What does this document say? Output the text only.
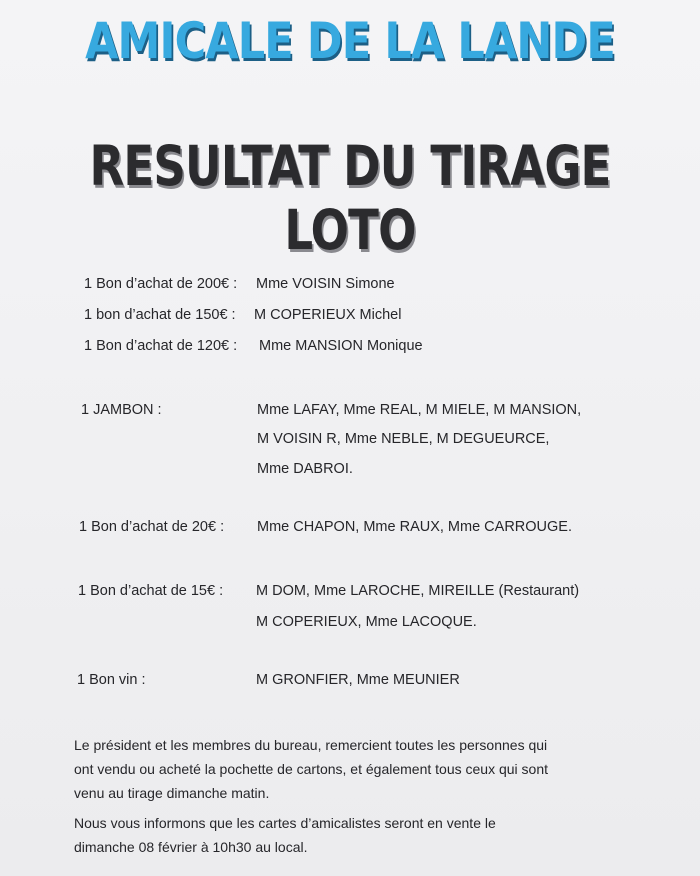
AMICALE DE LA LANDE
RESULTAT DU TIRAGE LOTO
1 Bon d’achat de 200€ : Mme VOISIN Simone
1 bon d’achat de 150€ : M COPERIEUX Michel
1 Bon d’achat de 120€ : Mme MANSION Monique
1 JAMBON :	Mme LAFAY, Mme REAL, M MIELE, M MANSION,
M VOISIN R, Mme NEBLE, M DEGUEURCE,
Mme DABROI.
1 Bon d’achat de 20€ : Mme CHAPON, Mme RAUX, Mme CARROUGE.
1 Bon d’achat de 15€ : M DOM, Mme LAROCHE, MIREILLE (Restaurant)
M COPERIEUX, Mme LACOQUE.
1 Bon vin :	M GRONFIER, Mme MEUNIER
Le président et les membres du bureau, remercient toutes les personnes qui
ont vendu ou acheté la pochette de cartons, et également tous ceux qui sont
venu au tirage dimanche matin.
Nous vous informons que les cartes d’amicalistes seront en vente le
dimanche 08 février à 10h30 au local.
